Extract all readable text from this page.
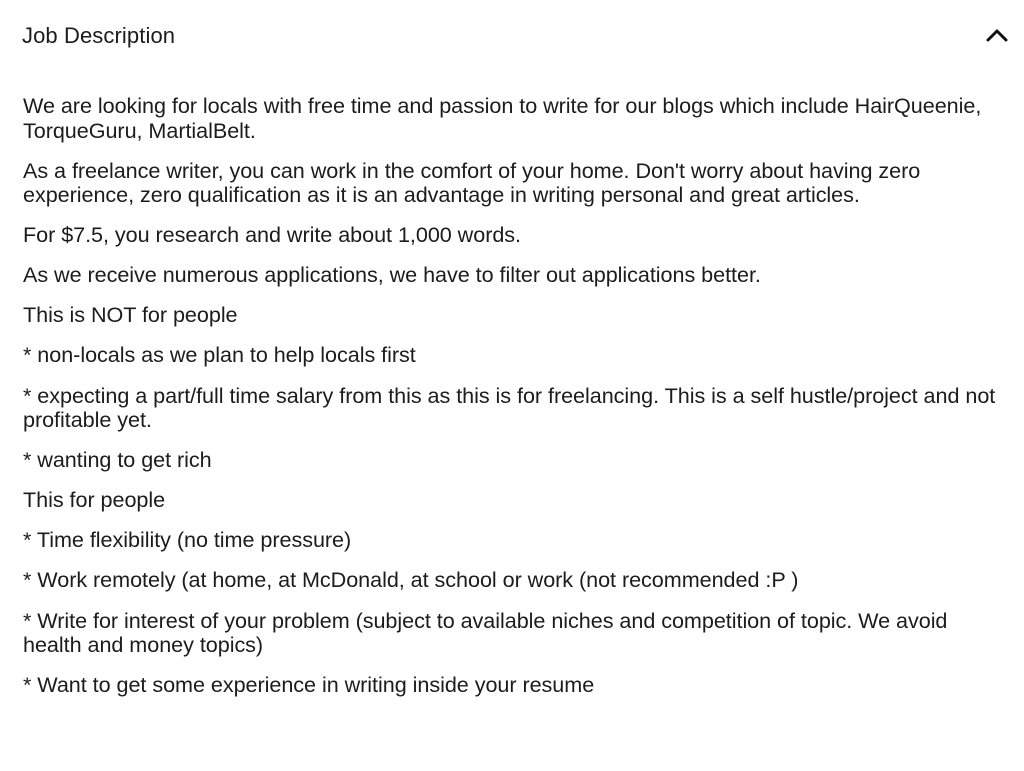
Job Description

We are looking for locals with free time and passion to write for our blogs which include HairQueenie, TorqueGuru, MartialBelt.

As a freelance writer, you can work in the comfort of your home. Don't worry about having zero experience, zero qualification as it is an advantage in writing personal and great articles.

For $7.5, you research and write about 1,000 words.

As we receive numerous applications, we have to filter out applications better.

This is NOT for people

* non-locals as we plan to help locals first

* expecting a part/full time salary from this as this is for freelancing. This is a self hustle/project and not profitable yet.

* wanting to get rich

This for people

* Time flexibility (no time pressure)

* Work remotely (at home, at McDonald, at school or work (not recommended :P )

* Write for interest of your problem (subject to available niches and competition of topic. We avoid health and money topics)

* Want to get some experience in writing inside your resume
